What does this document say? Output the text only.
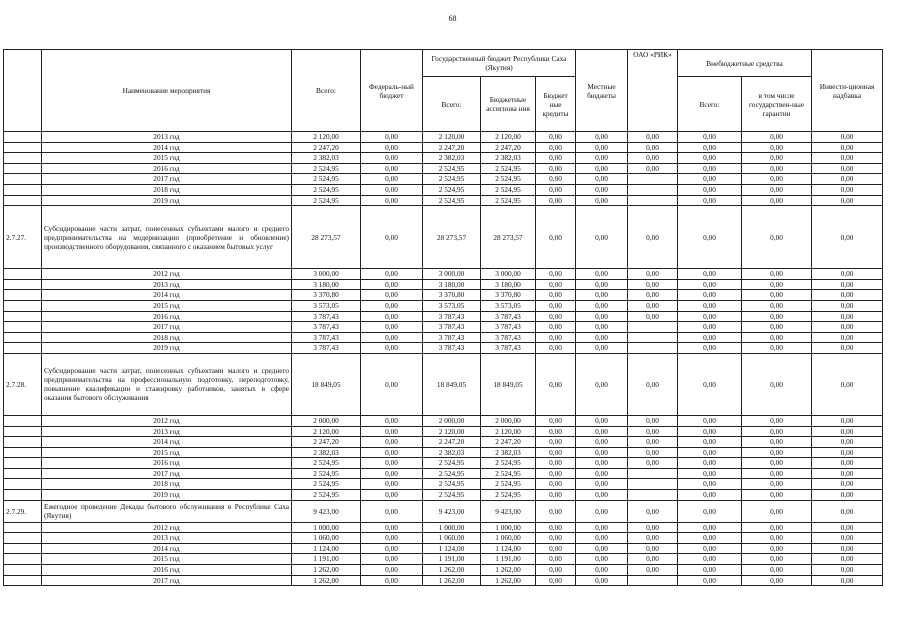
68
	Наименование мероприятия	Всего:	Федераль-ный бюджет	Государственный бюджет Республики Саха (Якутия)			Местные бюджеты	ОАО «РИК»	Внебюджетные средства		Инвести-ционная надбавка
				Всего:	Бюджетные ассигнова ния	Бюджет ные кредиты			Всего:	в том числе государствен-ные гарантии	
	2013 год	2 120,00	0,00	2 120,00	2 120,00	0,00	0,00	0,00	0,00	0,00	0,00
	2014 год	2 247,20	0,00	2 247,20	2 247,20	0,00	0,00	0,00	0,00	0,00	0,00
	2015 год	2 382,03	0,00	2 382,03	2 382,03	0,00	0,00	0,00	0,00	0,00	0,00
	2016 год	2 524,95	0,00	2 524,95	2 524,95	0,00	0,00	0,00	0,00	0,00	0,00
	2017 год	2 524,95	0,00	2 524,95	2 524,95	0,00	0,00		0,00	0,00	0,00
	2018 год	2 524,95	0,00	2 524,95	2 524,95	0,00	0,00		0,00	0,00	0,00
	2019 год	2 524,95	0,00	2 524,95	2 524,95	0,00	0,00		0,00	0,00	0,00
2.7.27.	Субсидирование части затрат, понесенных субъектами малого и среднего предпринимательства на модернизацию (приобретение и обновление) производственного оборудования, связанного с оказанием бытовых услуг	28 273,57	0,00	28 273,57	28 273,57	0,00	0,00	0,00	0,00	0,00	0,00
	2012 год	3 000,00	0,00	3 000,00	3 000,00	0,00	0,00	0,00	0,00	0,00	0,00
	2013 год	3 180,00	0,00	3 180,00	3 180,00	0,00	0,00	0,00	0,00	0,00	0,00
	2014 год	3 370,80	0,00	3 370,80	3 370,80	0,00	0,00	0,00	0,00	0,00	0,00
	2015 год	3 573,05	0,00	3 573,05	3 573,05	0,00	0,00	0,00	0,00	0,00	0,00
	2016 год	3 787,43	0,00	3 787,43	3 787,43	0,00	0,00	0,00	0,00	0,00	0,00
	2017 год	3 787,43	0,00	3 787,43	3 787,43	0,00	0,00		0,00	0,00	0,00
	2018 год	3 787,43	0,00	3 787,43	3 787,43	0,00	0,00		0,00	0,00	0,00
	2019 год	3 787,43	0,00	3 787,43	3 787,43	0,00	0,00		0,00	0,00	0,00
2.7.28.	Субсидирование части затрат, понесенных субъектами малого и среднего предпринимательства на профессиональную подготовку, переподготовку, повышение квалификации и стажировку работников, занятых в сфере оказания бытового обслуживания	18 849,05	0,00	18 849,05	18 849,05	0,00	0,00	0,00	0,00	0,00	0,00
	2012 год	2 000,00	0,00	2 000,00	2 000,00	0,00	0,00	0,00	0,00	0,00	0,00
	2013 год	2 120,00	0,00	2 120,00	2 120,00	0,00	0,00	0,00	0,00	0,00	0,00
	2014 год	2 247,20	0,00	2 247,20	2 247,20	0,00	0,00	0,00	0,00	0,00	0,00
	2015 год	2 382,03	0,00	2 382,03	2 382,03	0,00	0,00	0,00	0,00	0,00	0,00
	2016 год	2 524,95	0,00	2 524,95	2 524,95	0,00	0,00	0,00	0,00	0,00	0,00
	2017 год	2 524,95	0,00	2 524,95	2 524,95	0,00	0,00		0,00	0,00	0,00
	2018 год	2 524,95	0,00	2 524,95	2 524,95	0,00	0,00		0,00	0,00	0,00
	2019 год	2 524,95	0,00	2 524,95	2 524,95	0,00	0,00		0,00	0,00	0,00
2.7.29.	Ежегодное проведение Декады бытового обслуживания в Республике Саха (Якутия)	9 423,00	0,00	9 423,00	9 423,00	0,00	0,00	0,00	0,00	0,00	0,00
	2012 год	1 000,00	0,00	1 000,00	1 000,00	0,00	0,00	0,00	0,00	0,00	0,00
	2013 год	1 060,00	0,00	1 060,00	1 060,00	0,00	0,00	0,00	0,00	0,00	0,00
	2014 год	1 124,00	0,00	1 124,00	1 124,00	0,00	0,00	0,00	0,00	0,00	0,00
	2015 год	1 191,00	0,00	1 191,00	1 191,00	0,00	0,00	0,00	0,00	0,00	0,00
	2016 год	1 262,00	0,00	1 262,00	1 262,00	0,00	0,00	0,00	0,00	0,00	0,00
	2017 год	1 262,00	0,00	1 262,00	1 262,00	0,00	0,00		0,00	0,00	0,00
